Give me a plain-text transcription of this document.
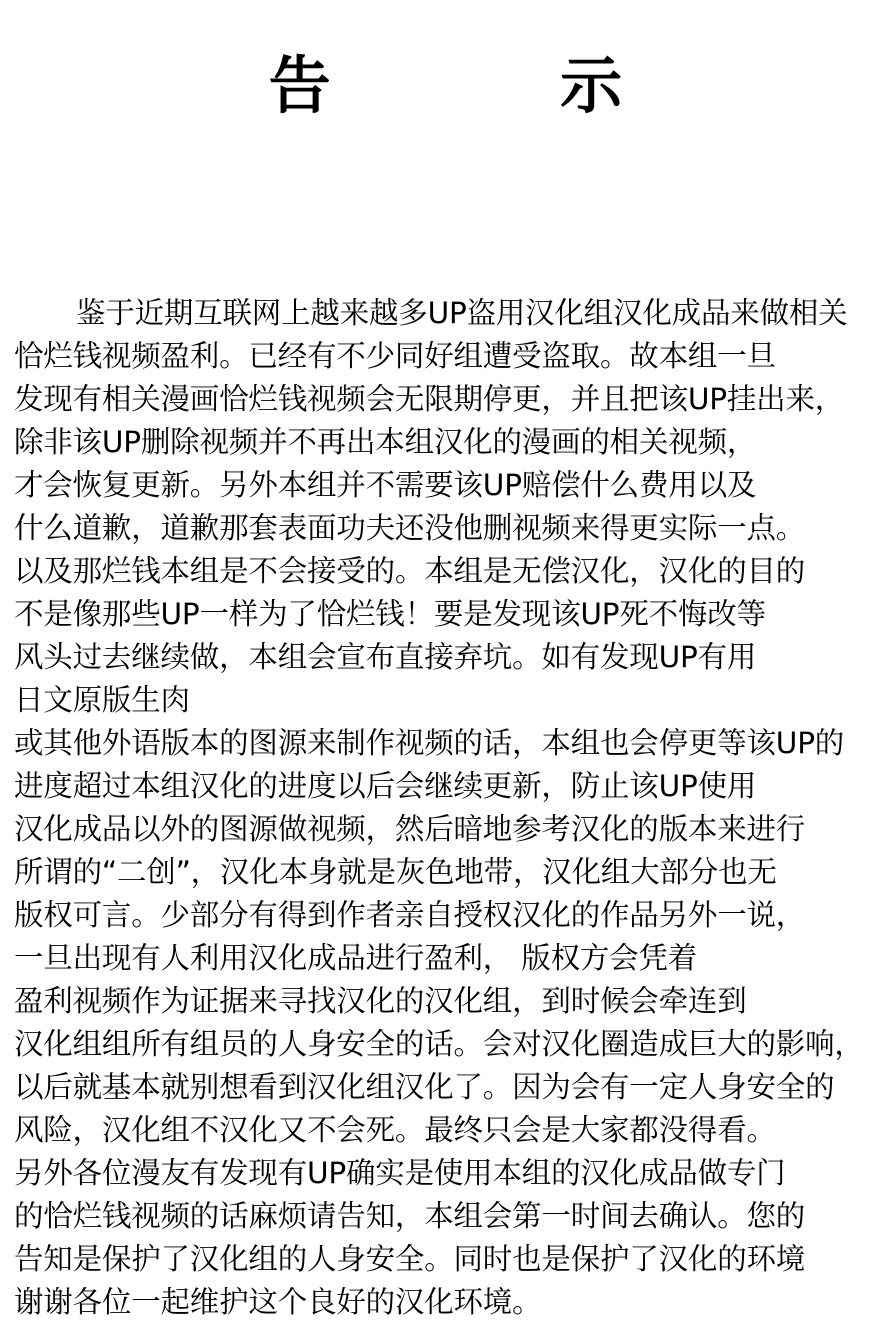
告          示
鉴于近期互联网上越来越多UP盗用汉化组汉化成品来做相关
恰烂钱视频盈利。已经有不少同好组遭受盗取。故本组一旦
发现有相关漫画恰烂钱视频会无限期停更，并且把该UP挂出来，
除非该UP删除视频并不再出本组汉化的漫画的相关视频，
才会恢复更新。另外本组并不需要该UP赔偿什么费用以及
什么道歉，道歉那套表面功夫还没他删视频来得更实际一点。
以及那烂钱本组是不会接受的。本组是无偿汉化，汉化的目的
不是像那些UP一样为了恰烂钱！要是发现该UP死不悔改等
风头过去继续做，本组会宣布直接弃坑。如有发现UP有用
日文原版生肉
或其他外语版本的图源来制作视频的话，本组也会停更等该UP的
进度超过本组汉化的进度以后会继续更新，防止该UP使用
汉化成品以外的图源做视频，然后暗地参考汉化的版本来进行
所谓的“二创”，汉化本身就是灰色地带，汉化组大部分也无
版权可言。少部分有得到作者亲自授权汉化的作品另外一说，
一旦出现有人利用汉化成品进行盈利， 版权方会凭着
盈利视频作为证据来寻找汉化的汉化组，到时候会牵连到
汉化组组所有组员的人身安全的话。会对汉化圈造成巨大的影响，
以后就基本就别想看到汉化组汉化了。因为会有一定人身安全的
风险，汉化组不汉化又不会死。最终只会是大家都没得看。
另外各位漫友有发现有UP确实是使用本组的汉化成品做专门
的恰烂钱视频的话麻烦请告知，本组会第一时间去确认。您的
告知是保护了汉化组的人身安全。同时也是保护了汉化的环境
谢谢各位一起维护这个良好的汉化环境。
